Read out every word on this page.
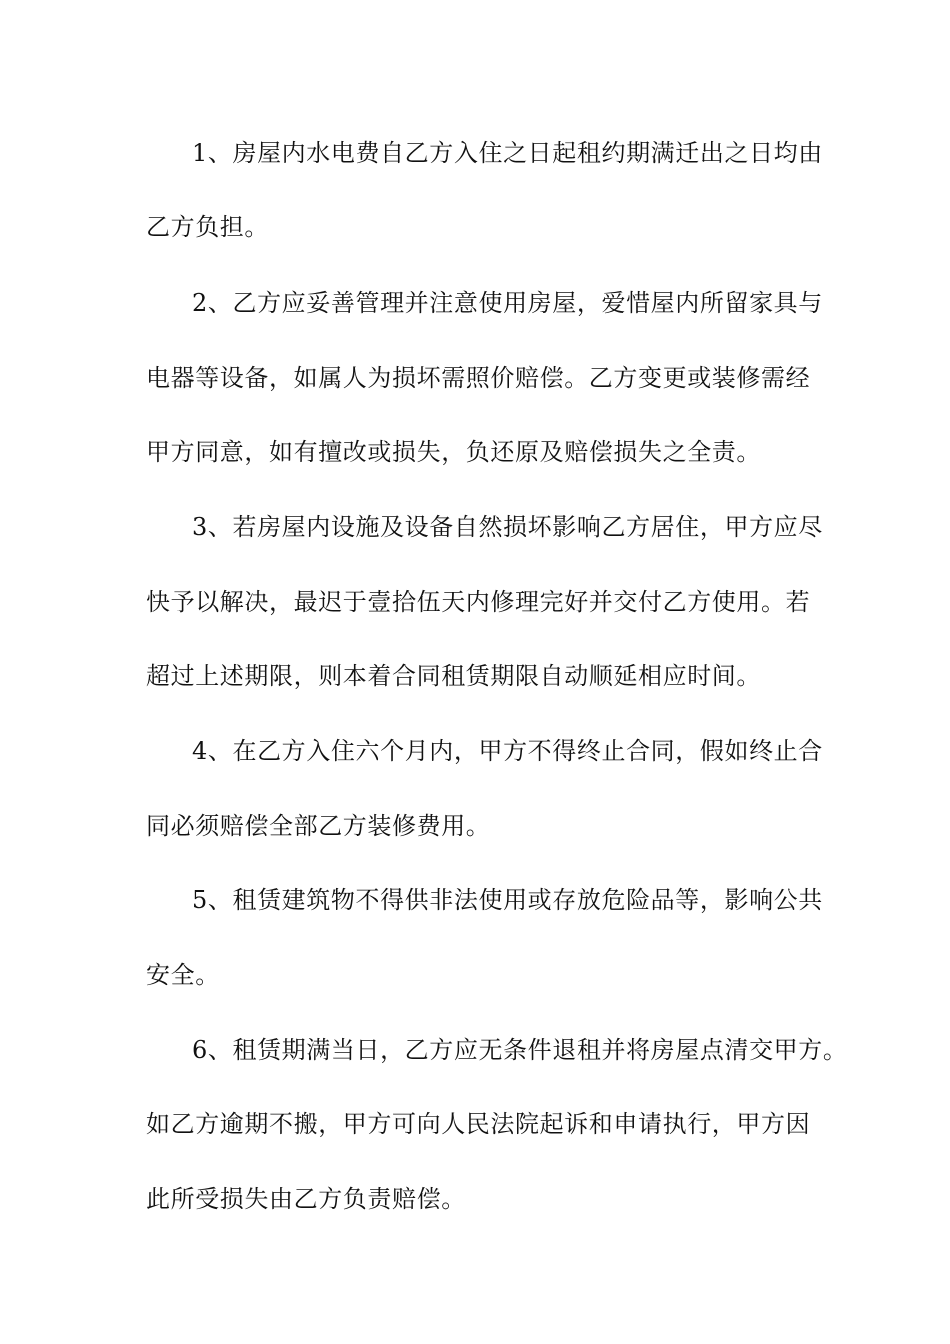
1、房屋内水电费自乙方入住之日起租约期满迁出之日均由
乙方负担。
2、乙方应妥善管理并注意使用房屋，爱惜屋内所留家具与
电器等设备，如属人为损坏需照价赔偿。乙方变更或装修需经
甲方同意，如有擅改或损失，负还原及赔偿损失之全责。
3、若房屋内设施及设备自然损坏影响乙方居住，甲方应尽
快予以解决，最迟于壹拾伍天内修理完好并交付乙方使用。若
超过上述期限，则本着合同租赁期限自动顺延相应时间。
4、在乙方入住六个月内，甲方不得终止合同，假如终止合
同必须赔偿全部乙方装修费用。
5、租赁建筑物不得供非法使用或存放危险品等，影响公共
安全。
6、租赁期满当日，乙方应无条件退租并将房屋点清交甲方。
如乙方逾期不搬，甲方可向人民法院起诉和申请执行，甲方因
此所受损失由乙方负责赔偿。
